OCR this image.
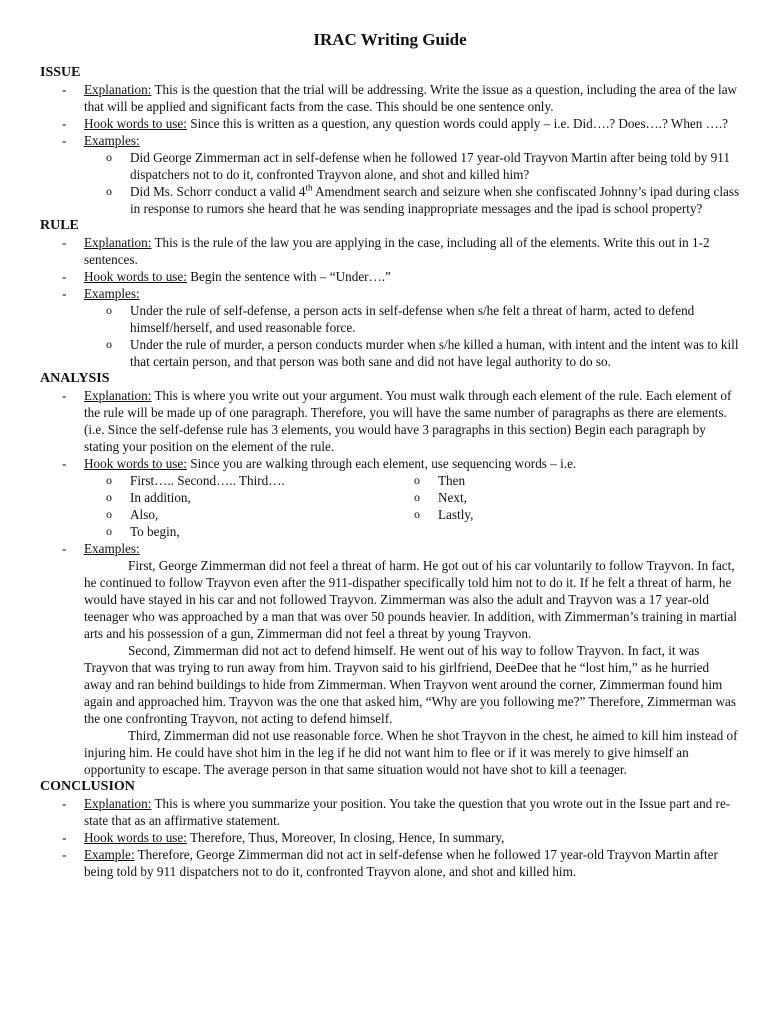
IRAC Writing Guide
ISSUE
- Explanation: This is the question that the trial will be addressing. Write the issue as a question, including the area of the law that will be applied and significant facts from the case. This should be one sentence only.
- Hook words to use: Since this is written as a question, any question words could apply – i.e. Did….? Does….? When ….?
- Examples:
o Did George Zimmerman act in self-defense when he followed 17 year-old Trayvon Martin after being told by 911 dispatchers not to do it, confronted Trayvon alone, and shot and killed him?
o Did Ms. Schorr conduct a valid 4th Amendment search and seizure when she confiscated Johnny’s ipad during class in response to rumors she heard that he was sending inappropriate messages and the ipad is school property?
RULE
- Explanation: This is the rule of the law you are applying in the case, including all of the elements. Write this out in 1-2 sentences.
- Hook words to use: Begin the sentence with – “Under….”
- Examples:
o Under the rule of self-defense, a person acts in self-defense when s/he felt a threat of harm, acted to defend himself/herself, and used reasonable force.
o Under the rule of murder, a person conducts murder when s/he killed a human, with intent and the intent was to kill that certain person, and that person was both sane and did not have legal authority to do so.
ANALYSIS
- Explanation: This is where you write out your argument. You must walk through each element of the rule. Each element of the rule will be made up of one paragraph. Therefore, you will have the same number of paragraphs as there are elements. (i.e. Since the self-defense rule has 3 elements, you would have 3 paragraphs in this section) Begin each paragraph by stating your position on the element of the rule.
- Hook words to use: Since you are walking through each element, use sequencing words – i.e.
o First….. Second….. Third….
o In addition,
o Also,
o To begin,
o Then
o Next,
o Lastly,
- Examples:

First, George Zimmerman did not feel a threat of harm. He got out of his car voluntarily to follow Trayvon. In fact, he continued to follow Trayvon even after the 911-dispather specifically told him not to do it. If he felt a threat of harm, he would have stayed in his car and not followed Trayvon. Zimmerman was also the adult and Trayvon was a 17 year-old teenager who was approached by a man that was over 50 pounds heavier. In addition, with Zimmerman’s training in martial arts and his possession of a gun, Zimmerman did not feel a threat by young Trayvon.

Second, Zimmerman did not act to defend himself. He went out of his way to follow Trayvon. In fact, it was Trayvon that was trying to run away from him. Trayvon said to his girlfriend, DeeDee that he “lost him,” as he hurried away and ran behind buildings to hide from Zimmerman. When Trayvon went around the corner, Zimmerman found him again and approached him. Trayvon was the one that asked him, “Why are you following me?” Therefore, Zimmerman was the one confronting Trayvon, not acting to defend himself.

Third, Zimmerman did not use reasonable force. When he shot Trayvon in the chest, he aimed to kill him instead of injuring him. He could have shot him in the leg if he did not want him to flee or if it was merely to give himself an opportunity to escape. The average person in that same situation would not have shot to kill a teenager.

CONCLUSION
- Explanation: This is where you summarize your position. You take the question that you wrote out in the Issue part and re-state that as an affirmative statement.
- Hook words to use: Therefore, Thus, Moreover, In closing, Hence, In summary,
- Example: Therefore, George Zimmerman did not act in self-defense when he followed 17 year-old Trayvon Martin after being told by 911 dispatchers not to do it, confronted Trayvon alone, and shot and killed him.
